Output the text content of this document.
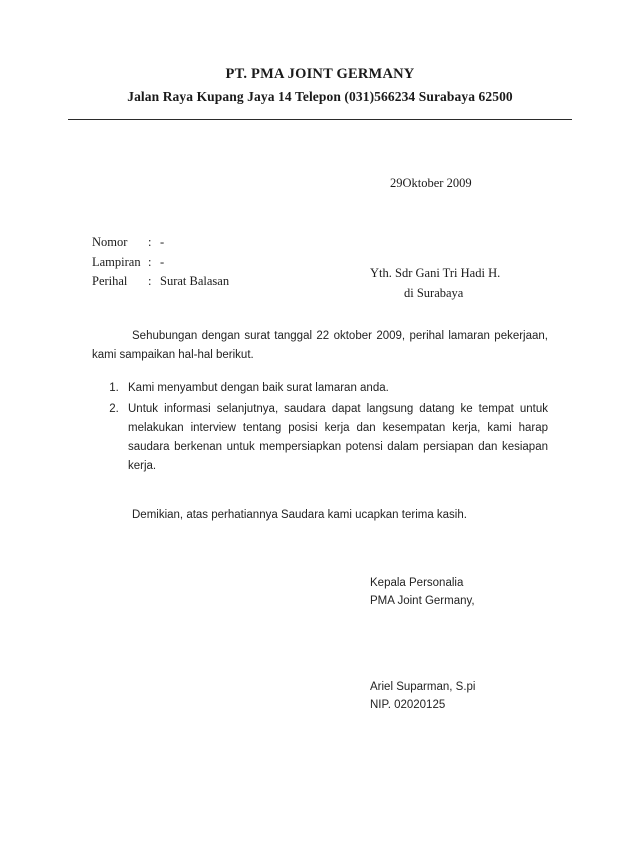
PT. PMA JOINT GERMANY
Jalan Raya Kupang Jaya 14 Telepon (031)566234 Surabaya 62500
29Oktober 2009
Nomor	: -
Lampiran : -
Perihal	: Surat Balasan
Yth. Sdr Gani Tri Hadi H.
di Surabaya
Sehubungan dengan surat tanggal 22 oktober 2009, perihal lamaran pekerjaan, kami sampaikan hal-hal berikut.
1. Kami menyambut dengan baik surat lamaran anda.
2. Untuk informasi selanjutnya, saudara dapat langsung datang ke tempat untuk melakukan interview tentang posisi kerja dan kesempatan kerja, kami harap saudara berkenan untuk mempersiapkan potensi dalam persiapan dan kesiapan kerja.
Demikian, atas perhatiannya Saudara kami ucapkan terima kasih.
Kepala Personalia
PMA Joint Germany,
Ariel Suparman, S.pi
NIP. 02020125
